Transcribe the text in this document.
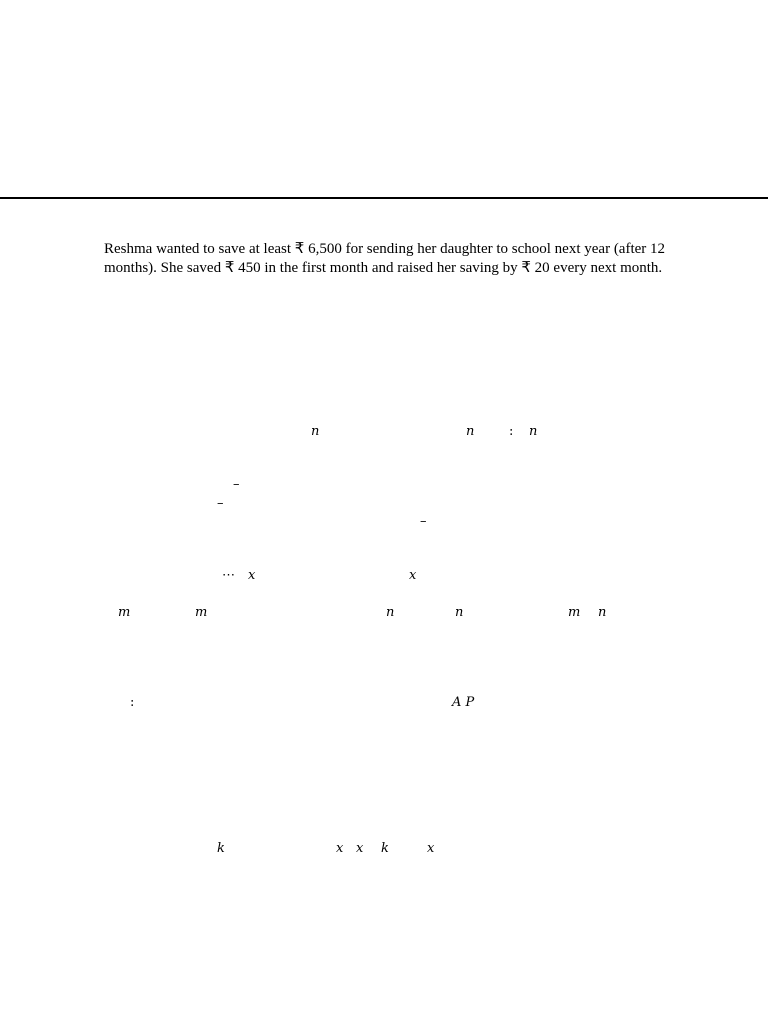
Reshma wanted to save at least ₹ 6,500 for sending her daughter to school next year (after 12
months). She saved ₹ 450 in the first month and raised her saving by ₹ 20 every next month.
n	n	: n
–
–
–
⋯ x	x
m	m	n	n	m n
:	A P
k	x x k	x
